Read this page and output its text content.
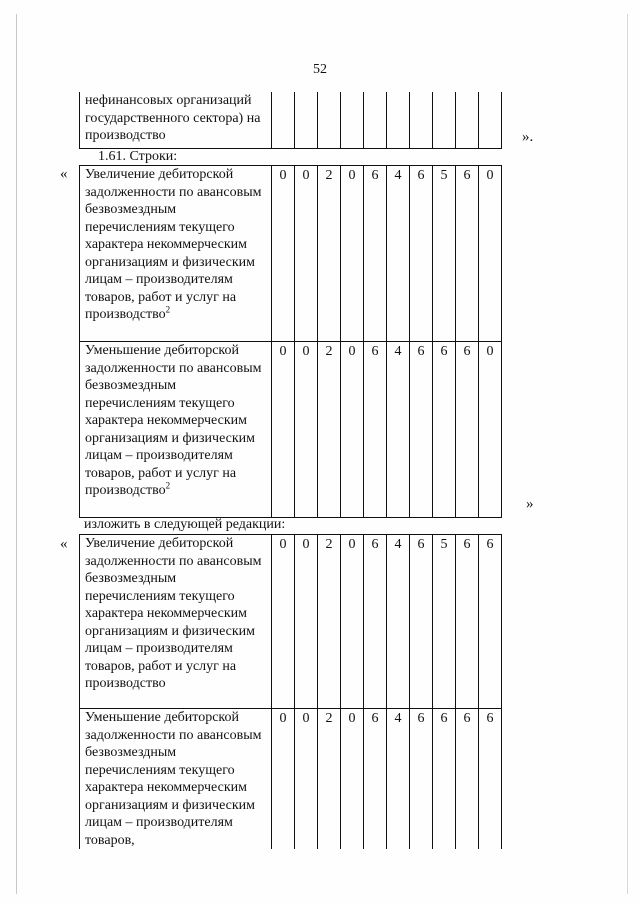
52
нефинансовых организаций государственного сектора) на производство											».
1.61. Строки:
« Увеличение дебиторской задолженности по авансовым безвозмездным перечислениям текущего характера некоммерческим организациям и физическим лицам – производителям товаров, работ и услуг на производство$^2$	0	0	2	0	6	4	6	5	6	0
Уменьшение дебиторской задолженности по авансовым безвозмездным перечислениям текущего характера некоммерческим организациям и физическим лицам – производителям товаров, работ и услуг на производство$^2$	0	0	2	0	6	4	6	6	6	0
»
изложить в следующей редакции:
« Увеличение дебиторской задолженности по авансовым безвозмездным перечислениям текущего характера некоммерческим организациям и физическим лицам – производителям товаров, работ и услуг на производство	0	0	2	0	6	4	6	5	6	6
Уменьшение дебиторской задолженности по авансовым безвозмездным перечислениям текущего характера некоммерческим организациям и физическим лицам – производителям товаров,	0	0	2	0	6	4	6	6	6	6
